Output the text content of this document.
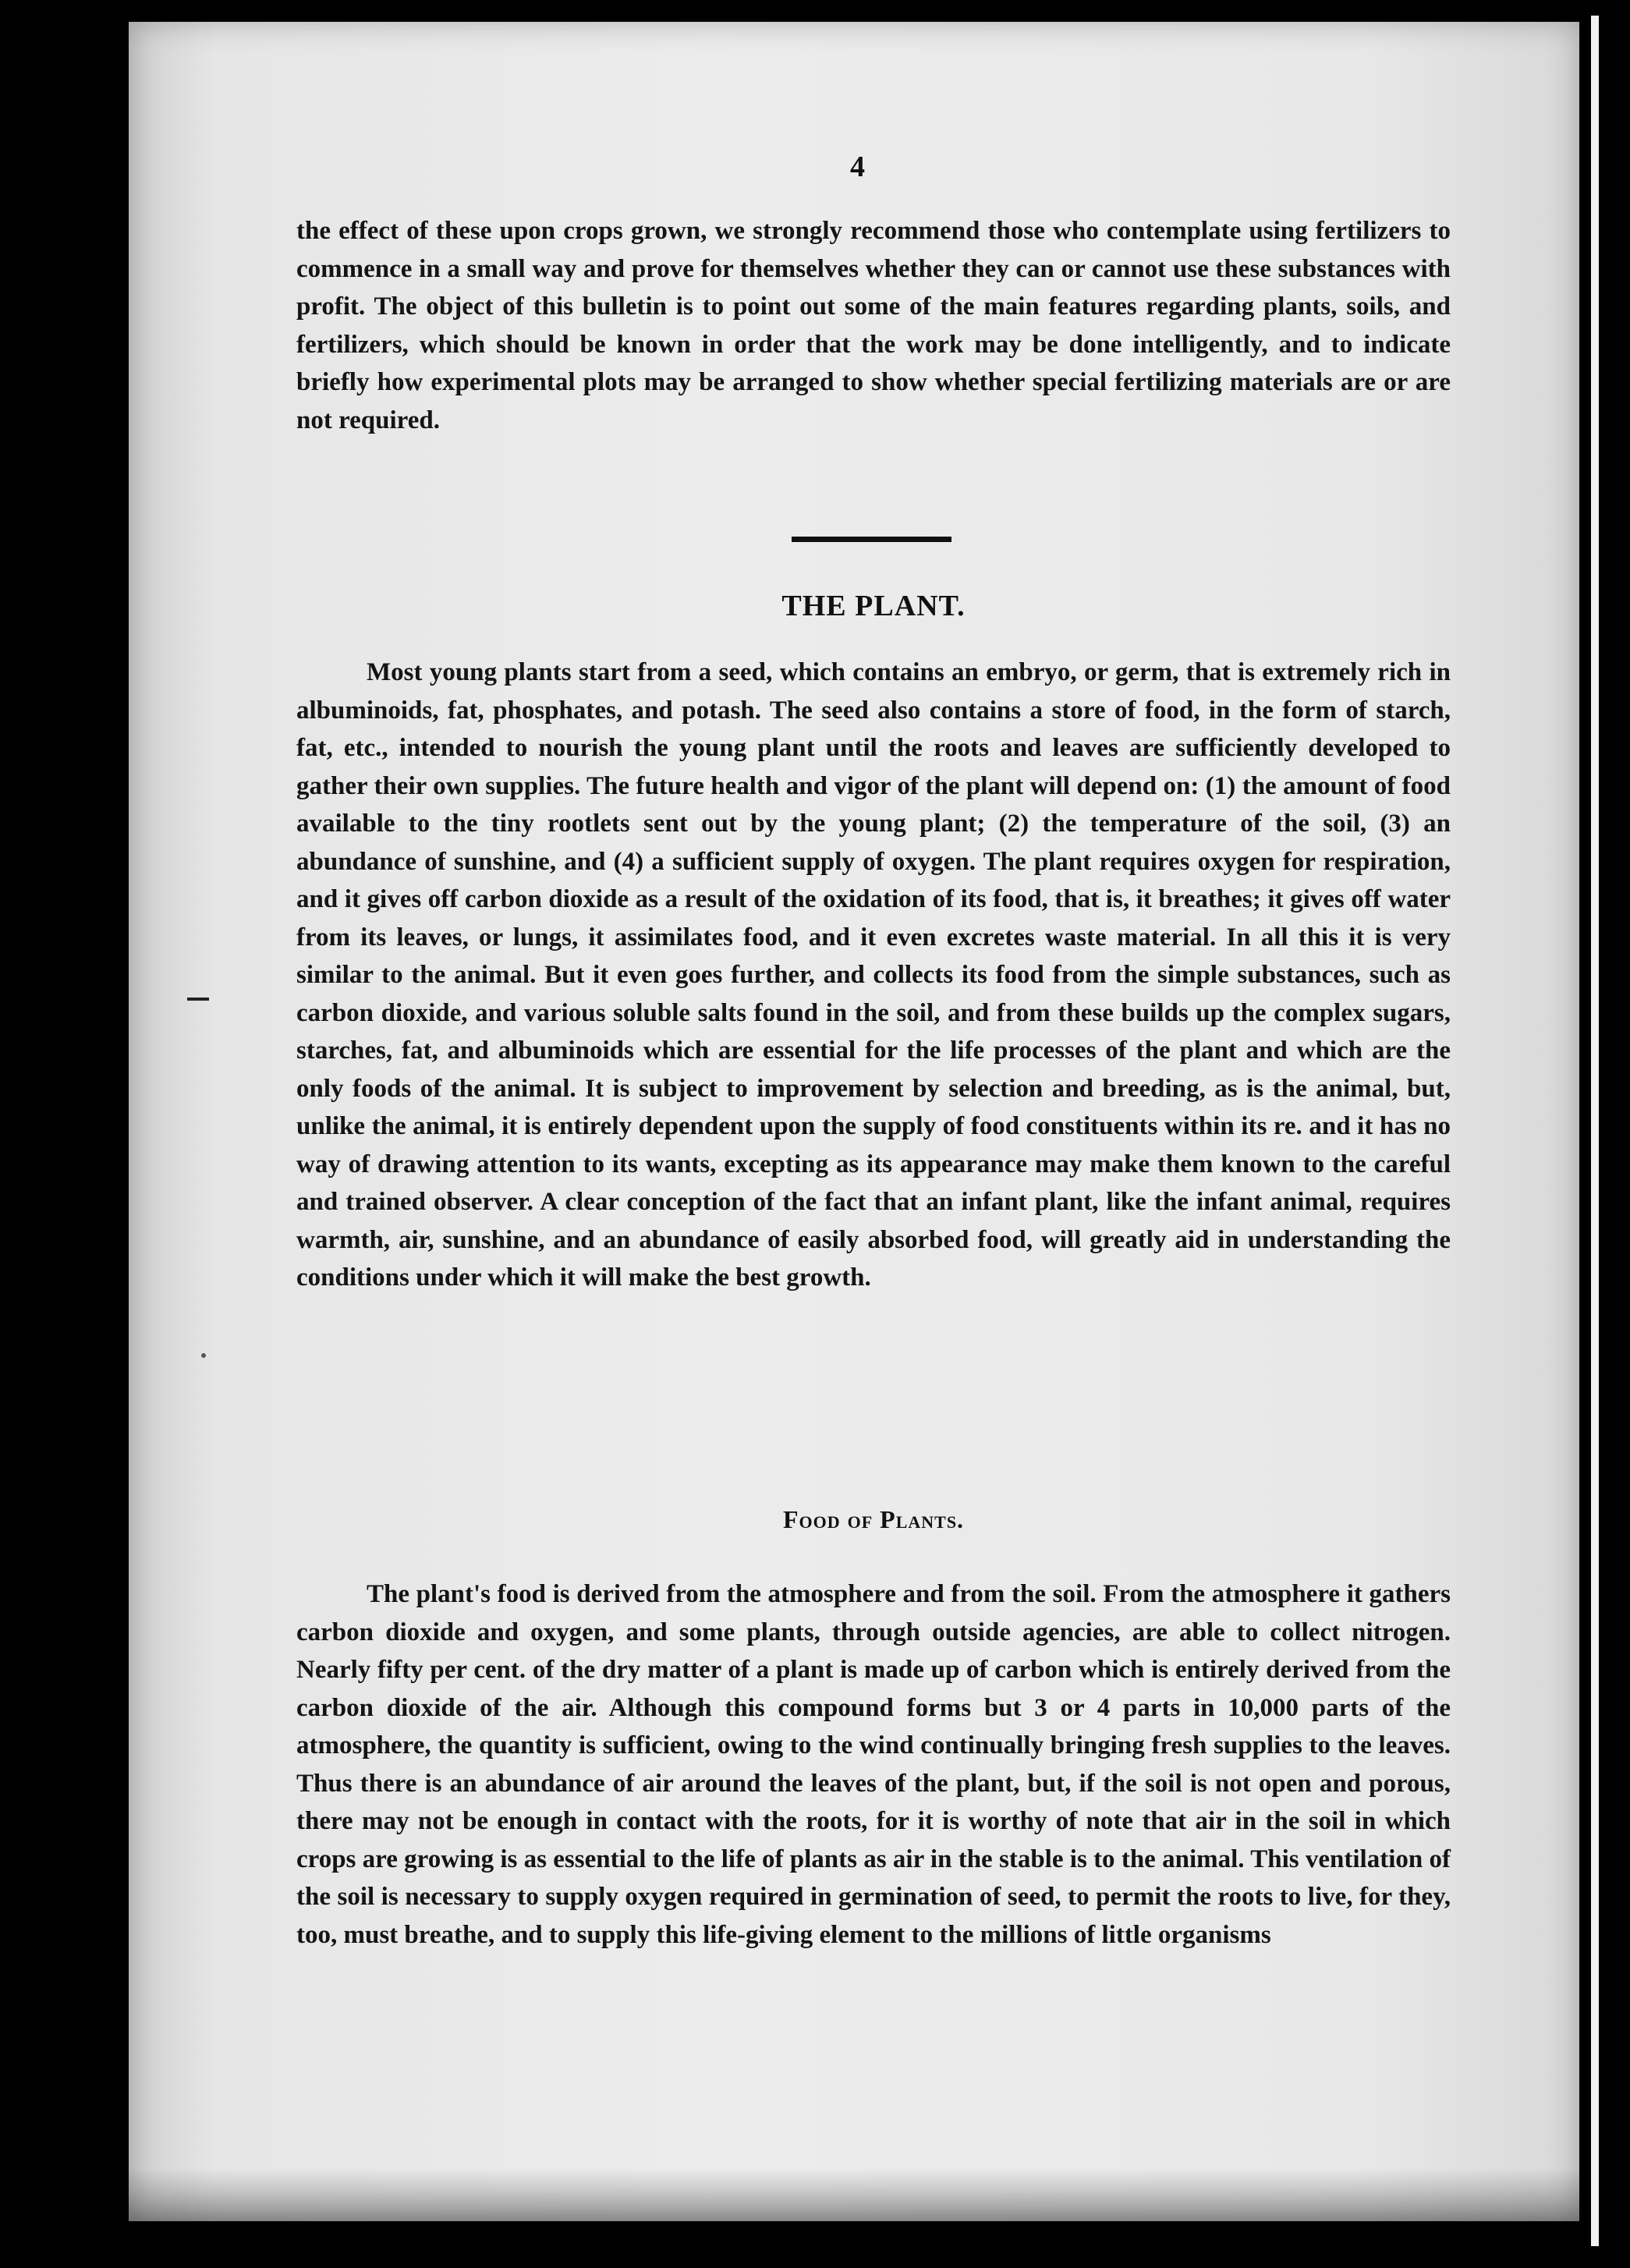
4

the effect of these upon crops grown, we strongly recommend those who contemplate using fertilizers to commence in a small way and prove for themselves whether they can or cannot use these substances with profit. The object of this bulletin is to point out some of the main features regarding plants, soils, and fertilizers, which should be known in order that the work may be done intelligently, and to indicate briefly how experimental plots may be arranged to show whether special fertilizing materials are or are not required.

THE PLANT.

Most young plants start from a seed, which contains an embryo, or germ, that is extremely rich in albuminoids, fat, phosphates, and potash. The seed also contains a store of food, in the form of starch, fat, etc., intended to nourish the young plant until the roots and leaves are sufficiently developed to gather their own supplies. The future health and vigor of the plant will depend on: (1) the amount of food available to the tiny rootlets sent out by the young plant; (2) the temperature of the soil, (3) an abundance of sunshine, and (4) a sufficient supply of oxygen. The plant requires oxygen for respiration, and it gives off carbon dioxide as a result of the oxidation of its food, that is, it breathes; it gives off water from its leaves, or lungs, it assimilates food, and it even excretes waste material. In all this it is very similar to the animal. But it even goes further, and collects its food from the simple substances, such as carbon dioxide, and various soluble salts found in the soil, and from these builds up the complex sugars, starches, fat, and albuminoids which are essential for the life processes of the plant and which are the only foods of the animal. It is subject to improvement by selection and breeding, as is the animal, but, unlike the animal, it is entirely dependent upon the supply of food constituents within its re. and it has no way of drawing attention to its wants, excepting as its appearance may make them known to the careful and trained observer. A clear conception of the fact that an infant plant, like the infant animal, requires warmth, air, sunshine, and an abundance of easily absorbed food, will greatly aid in understanding the conditions under which it will make the best growth.

Food of Plants.

The plant's food is derived from the atmosphere and from the soil. From the atmosphere it gathers carbon dioxide and oxygen, and some plants, through outside agencies, are able to collect nitrogen. Nearly fifty per cent. of the dry matter of a plant is made up of carbon which is entirely derived from the carbon dioxide of the air. Although this compound forms but 3 or 4 parts in 10,000 parts of the atmosphere, the quantity is sufficient, owing to the wind continually bringing fresh supplies to the leaves. Thus there is an abundance of air around the leaves of the plant, but, if the soil is not open and porous, there may not be enough in contact with the roots, for it is worthy of note that air in the soil in which crops are growing is as essential to the life of plants as air in the stable is to the animal. This ventilation of the soil is necessary to supply oxygen required in germination of seed, to permit the roots to live, for they, too, must breathe, and to supply this life-giving element to the millions of little organisms
